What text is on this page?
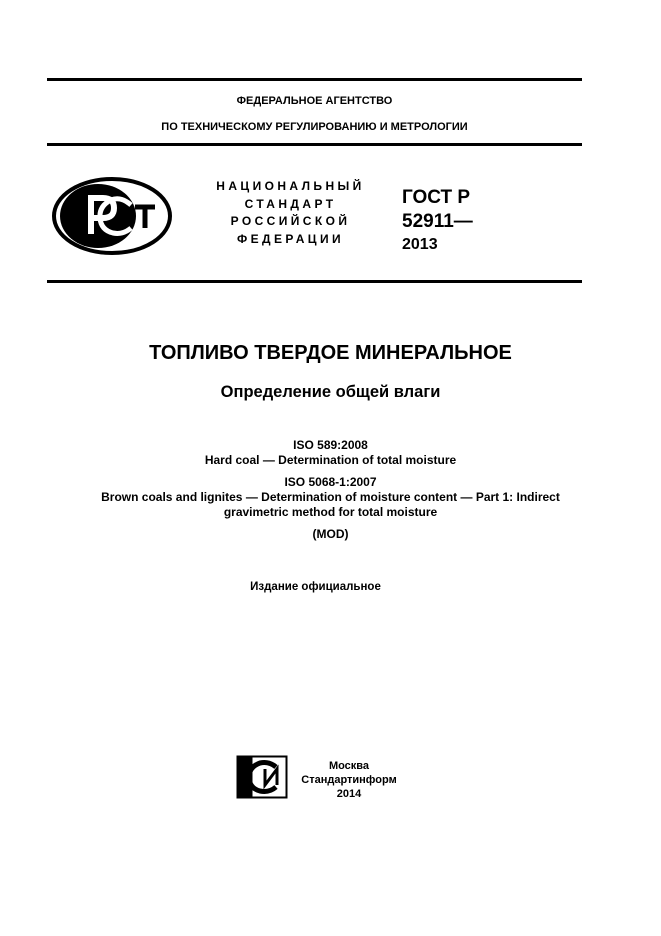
ФЕДЕРАЛЬНОЕ АГЕНТСТВО
ПО ТЕХНИЧЕСКОМУ РЕГУЛИРОВАНИЮ И МЕТРОЛОГИИ
НАЦИОНАЛЬНЫЙ
СТАНДАРТ
РОССИЙСКОЙ
ФЕДЕРАЦИИ
ГОСТ Р
52911—
2013
ТОПЛИВО ТВЕРДОЕ МИНЕРАЛЬНОЕ
Определение общей влаги
ISO 589:2008
Hard coal — Determination of total moisture
ISO 5068-1:2007
Brown coals and lignites — Determination of moisture content — Part 1: Indirect
gravimetric method for total moisture
(MOD)
Издание официальное
Москва
Стандартинформ
2014
